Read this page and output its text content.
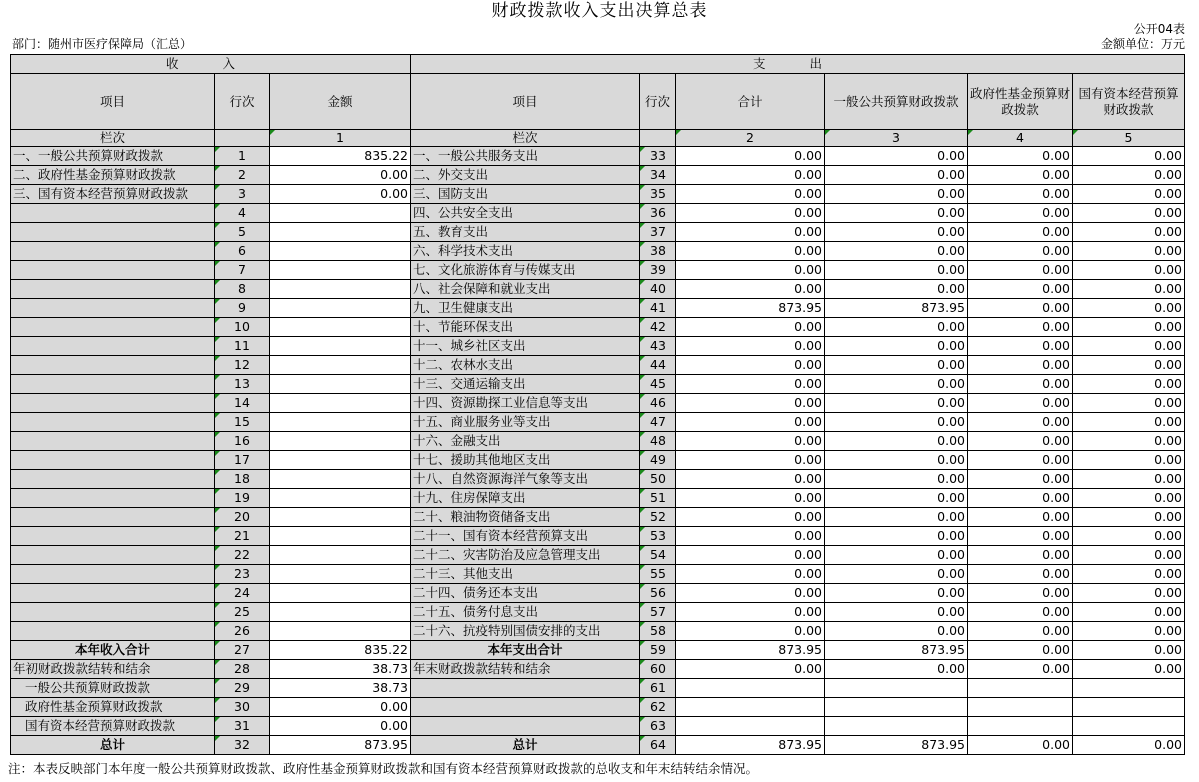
财政拨款收入支出决算总表
公开04表
部门：随州市医疗保障局（汇总）	金额单位：万元
收 入			支 出					
项目	行次	金额	项目	行次	合计	一般公共预算财政拨款	政府性基金预算财政拨款	国有资本经营预算财政拨款
栏次		1	栏次		2	3	4	5
一、一般公共预算财政拨款	1	835.22	一、一般公共服务支出	33	0.00	0.00	0.00	0.00
二、政府性基金预算财政拨款	2	0.00	二、外交支出	34	0.00	0.00	0.00	0.00
三、国有资本经营预算财政拨款	3	0.00	三、国防支出	35	0.00	0.00	0.00	0.00
	4		四、公共安全支出	36	0.00	0.00	0.00	0.00
	5		五、教育支出	37	0.00	0.00	0.00	0.00
	6		六、科学技术支出	38	0.00	0.00	0.00	0.00
	7		七、文化旅游体育与传媒支出	39	0.00	0.00	0.00	0.00
	8		八、社会保障和就业支出	40	0.00	0.00	0.00	0.00
	9		九、卫生健康支出	41	873.95	873.95	0.00	0.00
	10		十、节能环保支出	42	0.00	0.00	0.00	0.00
	11		十一、城乡社区支出	43	0.00	0.00	0.00	0.00
	12		十二、农林水支出	44	0.00	0.00	0.00	0.00
	13		十三、交通运输支出	45	0.00	0.00	0.00	0.00
	14		十四、资源勘探工业信息等支出	46	0.00	0.00	0.00	0.00
	15		十五、商业服务业等支出	47	0.00	0.00	0.00	0.00
	16		十六、金融支出	48	0.00	0.00	0.00	0.00
	17		十七、援助其他地区支出	49	0.00	0.00	0.00	0.00
	18		十八、自然资源海洋气象等支出	50	0.00	0.00	0.00	0.00
	19		十九、住房保障支出	51	0.00	0.00	0.00	0.00
	20		二十、粮油物资储备支出	52	0.00	0.00	0.00	0.00
	21		二十一、国有资本经营预算支出	53	0.00	0.00	0.00	0.00
	22		二十二、灾害防治及应急管理支出	54	0.00	0.00	0.00	0.00
	23		二十三、其他支出	55	0.00	0.00	0.00	0.00
	24		二十四、债务还本支出	56	0.00	0.00	0.00	0.00
	25		二十五、债务付息支出	57	0.00	0.00	0.00	0.00
	26		二十六、抗疫特别国债安排的支出	58	0.00	0.00	0.00	0.00
本年收入合计	27	835.22	本年支出合计	59	873.95	873.95	0.00	0.00
年初财政拨款结转和结余	28	38.73	年末财政拨款结转和结余	60	0.00	0.00	0.00	0.00
一般公共预算财政拨款	29	38.73		61				
政府性基金预算财政拨款	30	0.00		62				
国有资本经营预算财政拨款	31	0.00		63				
总计	32	873.95	总计	64	873.95	873.95	0.00	0.00
注：本表反映部门本年度一般公共预算财政拨款、政府性基金预算财政拨款和国有资本经营预算财政拨款的总收支和年末结转结余情况。
